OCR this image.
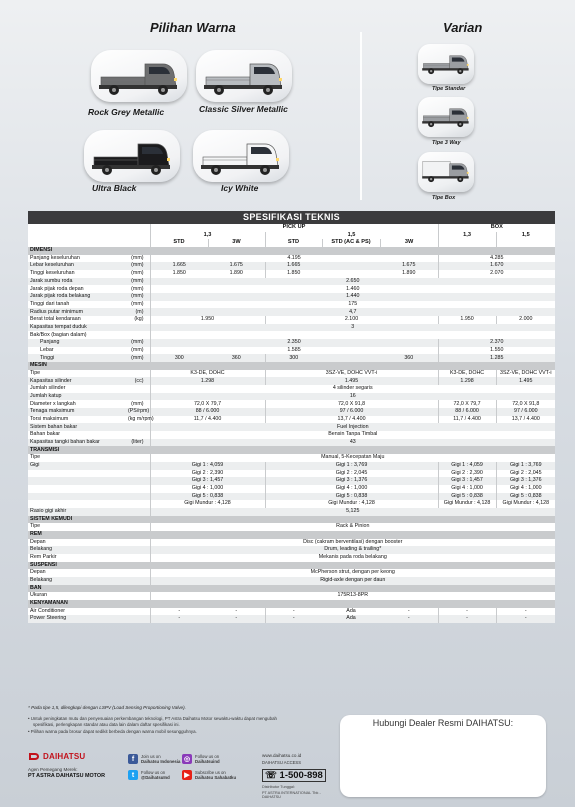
Pilihan Warna	Varian
Rock Grey Metallic	Classic Silver Metallic
Ultra Black	Icy White
Tipe Standar
Tipe 3 Way
Tipe Box
SPESIFIKASI TEKNIS
		PICK UP					BOX	
		1,3		1,5			1,3	1,5
		STD	3W	STD	STD (AC & PS)	3W		
DIMENSI								
Panjang keseluruhan	(mm)	4.195					4.285	
Lebar keseluruhan	(mm)	1.665	1.675	1.665		1.675	1.670	
Tinggi keseluruhan	(mm)	1.850	1.890	1.850		1.890	2.070	
Jarak sumbu roda	(mm)	2.650						
Jarak pijak roda depan	(mm)	1.460						
Jarak pijak roda belakang	(mm)	1.440						
Tinggi dari tanah	(mm)	175						
Radius putar minimum	(m)	4,7						
Berat total kendaraan	(kg)	1.950		2.100			1.950	2.000
Kapasitas tempat duduk		3						
Bak/Box (bagian dalam)								
Panjang	(mm)	2.350					2.370	
Lebar	(mm)	1.585					1.550	
Tinggi	(mm)	300	360	300		360	1.285	
MESIN								
Tipe		K3-DE, DOHC		3SZ-VE, DOHC VVT-i			K3-DE, DOHC	3SZ-VE, DOHC VVT-i
Kapasitas silinder	(cc)	1.298		1.495			1.298	1.495
Jumlah silinder		4 silinder segaris						
Jumlah katup		16						
Diameter x langkah	(mm)	72,0 X 79,7		72,0 X 91,8			72,0 X 79,7	72,0 X 91,8
Tenaga maksimum	(PS/rpm)	88 / 6.000		97 / 6.000			88 / 6.000	97 / 6.000
Torsi maksimum	(kg m/rpm)	11,7 / 4.400		13,7 / 4.400			11,7 / 4.400	13,7 / 4.400
Sistem bahan bakar		Fuel Injection						
Bahan bakar		Bensin Tanpa Timbal						
Kapasitas tangki bahan bakar	(liter)	43						
TRANSMISI								
Tipe		Manual, 5-Kecepatan Maju						
Gigi		Gigi 1 : 4,059		Gigi 1 : 3,769			Gigi 1 : 4,059	Gigi 1 : 3,769
		Gigi 2 : 2,390		Gigi 2 : 2,045			Gigi 2 : 2,390	Gigi 2 : 2,045
		Gigi 3 : 1,457		Gigi 3 : 1,376			Gigi 3 : 1,457	Gigi 3 : 1,376
		Gigi 4 : 1,000		Gigi 4 : 1,000			Gigi 4 : 1,000	Gigi 4 : 1,000
		Gigi 5 : 0,838		Gigi 5 : 0,838			Gigi 5 : 0,838	Gigi 5 : 0,838
		Gigi Mundur : 4,128		Gigi Mundur : 4,128			Gigi Mundur : 4,128	Gigi Mundur : 4,128
Rasio gigi akhir		5,125						
SISTEM KEMUDI								
Tipe		Rack & Pinion						
REM								
Depan		Disc (cakram berventilasi) dengan booster						
Belakang		Drum, leading & trailing*						
Rem Parkir		Mekanis pada roda belakang						
SUSPENSI								
Depan		McPherson strut, dengan per keong						
Belakang		Rigid-axle dengan per daun						
BAN								
Ukuran		175R13-8PR						
KENYAMANAN								
Air Conditioner		-	-	-	Ada	-	-	-
Power Steering		-	-	-	Ada	-	-	-
* Pada tipe 1,5, dilengkapi dengan LSPV (Load Sensing Proportioning Valve).

• Untuk peningkatan mutu dan penyesuaian perkembangan teknologi, PT Astra Daihatsu Motor sewaktu-waktu dapat mengubah spesifikasi, perlengkapan standar atau data lain dalam daftar spesifikasi ini.

• Pilihan warna pada brosur dapat sedikit berbeda dengan warna mobil sesungguhnya.

Hubungi Dealer Resmi DAIHATSU:
DAIHATSU
Agen Pemegang Merek:
PT ASTRA DAIHATSU MOTOR
f	Join us on
Daihatsu Indonesia
t	Follow us on
@DaihatsuInd	▶	Subscribe us on
Daihatsu Sahabatku
◎	Follow us on
Daihatsuind
www.daihatsu.co.id
DAIHATSU ACCESS
☏ 1-500-898
Distributor Tunggal:
PT ASTRA INTERNATIONAL Tbk - DAIHATSU
